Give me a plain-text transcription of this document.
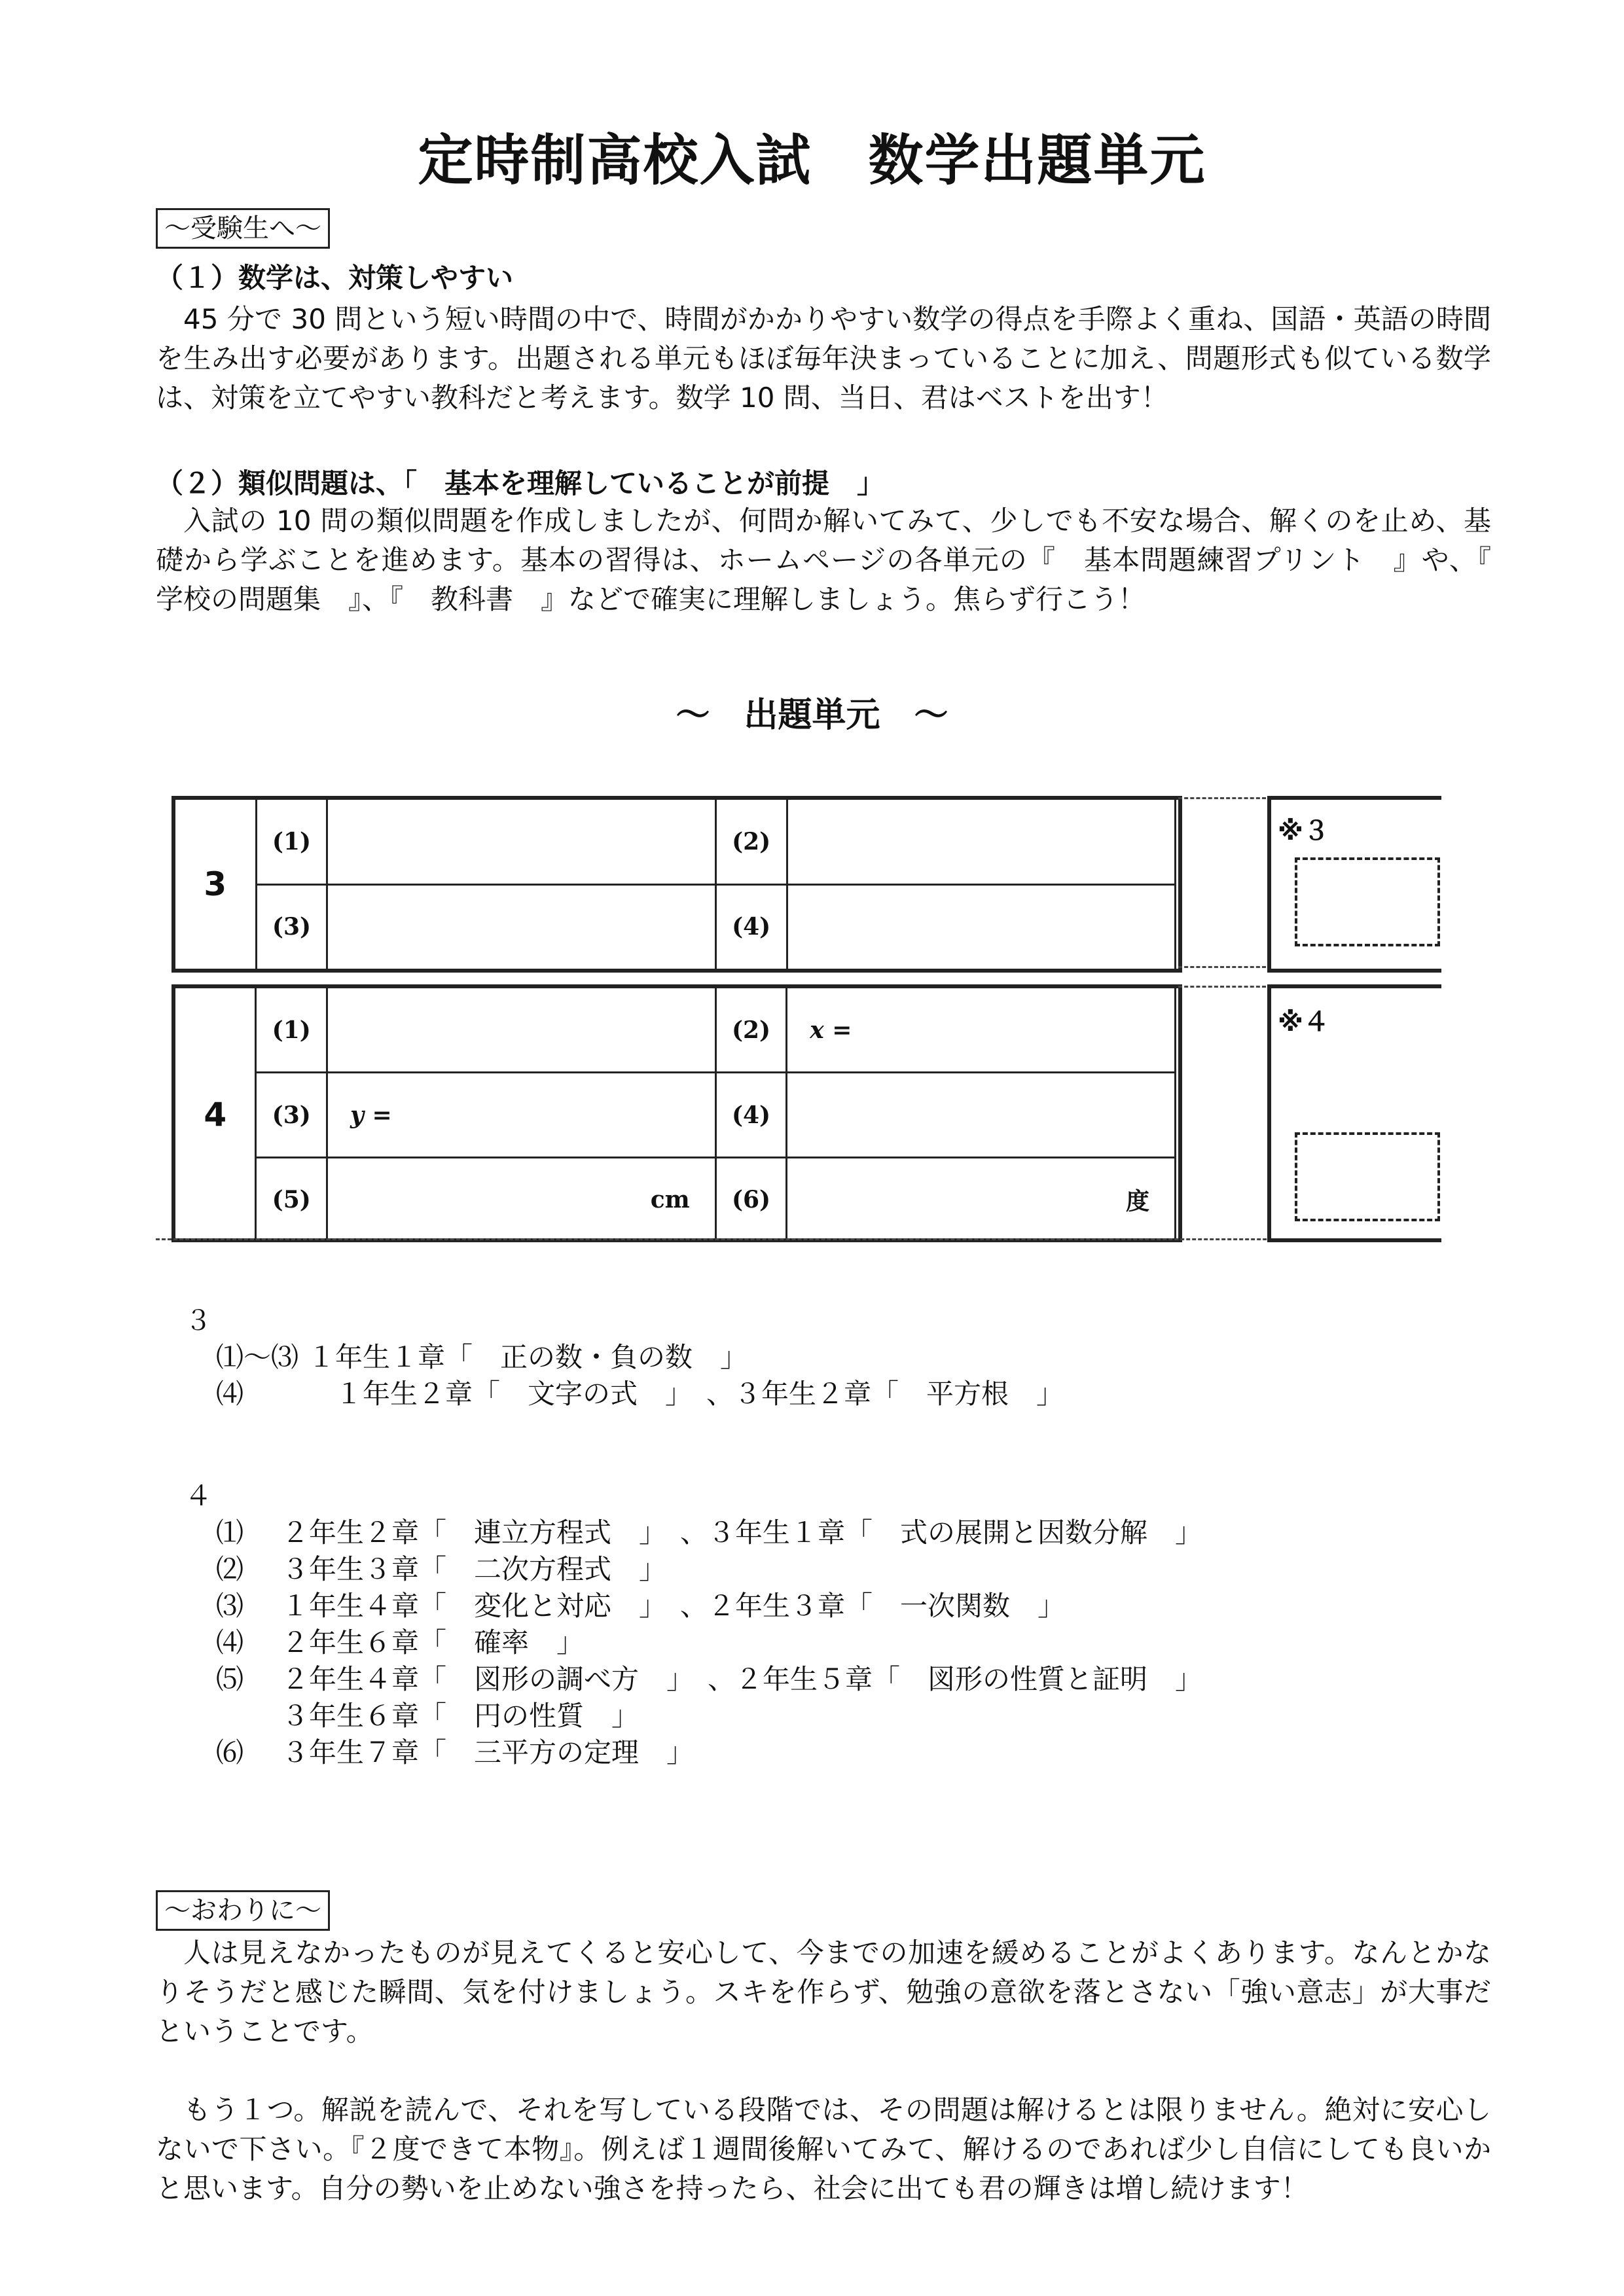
定時制高校入試　数学出題単元
～受験生へ～
（１）数学は、対策しやすい

45 分で 30 問という短い時間の中で、時間がかかりやすい数学の得点を手際よく重ね、国語・英語の時間を生み出す必要があります。出題される単元もほぼ毎年決まっていることに加え、問題形式も似ている数学は、対策を立てやすい教科だと考えます。数学 10 問、当日、君はベストを出す！

（２）類似問題は、「　基本を理解していることが前提　」

入試の 10 問の類似問題を作成しましたが、何問か解いてみて、少しでも不安な場合、解くのを止め、基礎から学ぶことを進めます。基本の習得は、ホームページの各単元の『　基本問題練習プリント　』や、『　学校の問題集　』、『　教科書　』などで確実に理解しましょう。焦らず行こう！

～　出題単元　～
3	(1)		(2)	
	(3)		(4)	
※３
4	(1)		(2)	x =
	(3)	y =	(4)	
	(5)	cm	(6)	度
※４
３
⑴～⑶ １年生１章「　正の数・負の数　」
⑷	　１年生２章「　文字の式　」　、３年生２章「　平方根　」
４
⑴	２年生２章「　連立方程式　」　、３年生１章「　式の展開と因数分解　」
⑵	３年生３章「　二次方程式　」
⑶	１年生４章「　変化と対応　」　、２年生３章「　一次関数　」
⑷	２年生６章「　確率　」
⑸	２年生４章「　図形の調べ方　」　、２年生５章「　図形の性質と証明　」
３年生６章「　円の性質　」
⑹	３年生７章「　三平方の定理　」
～おわりに～

人は見えなかったものが見えてくると安心して、今までの加速を緩めることがよくあります。なんとかなりそうだと感じた瞬間、気を付けましょう。スキを作らず、勉強の意欲を落とさない「強い意志」が大事だということです。

もう１つ。解説を読んで、それを写している段階では、その問題は解けるとは限りません。絶対に安心しないで下さい。『２度できて本物』。例えば１週間後解いてみて、解けるのであれば少し自信にしても良いかと思います。自分の勢いを止めない強さを持ったら、社会に出ても君の輝きは増し続けます！
